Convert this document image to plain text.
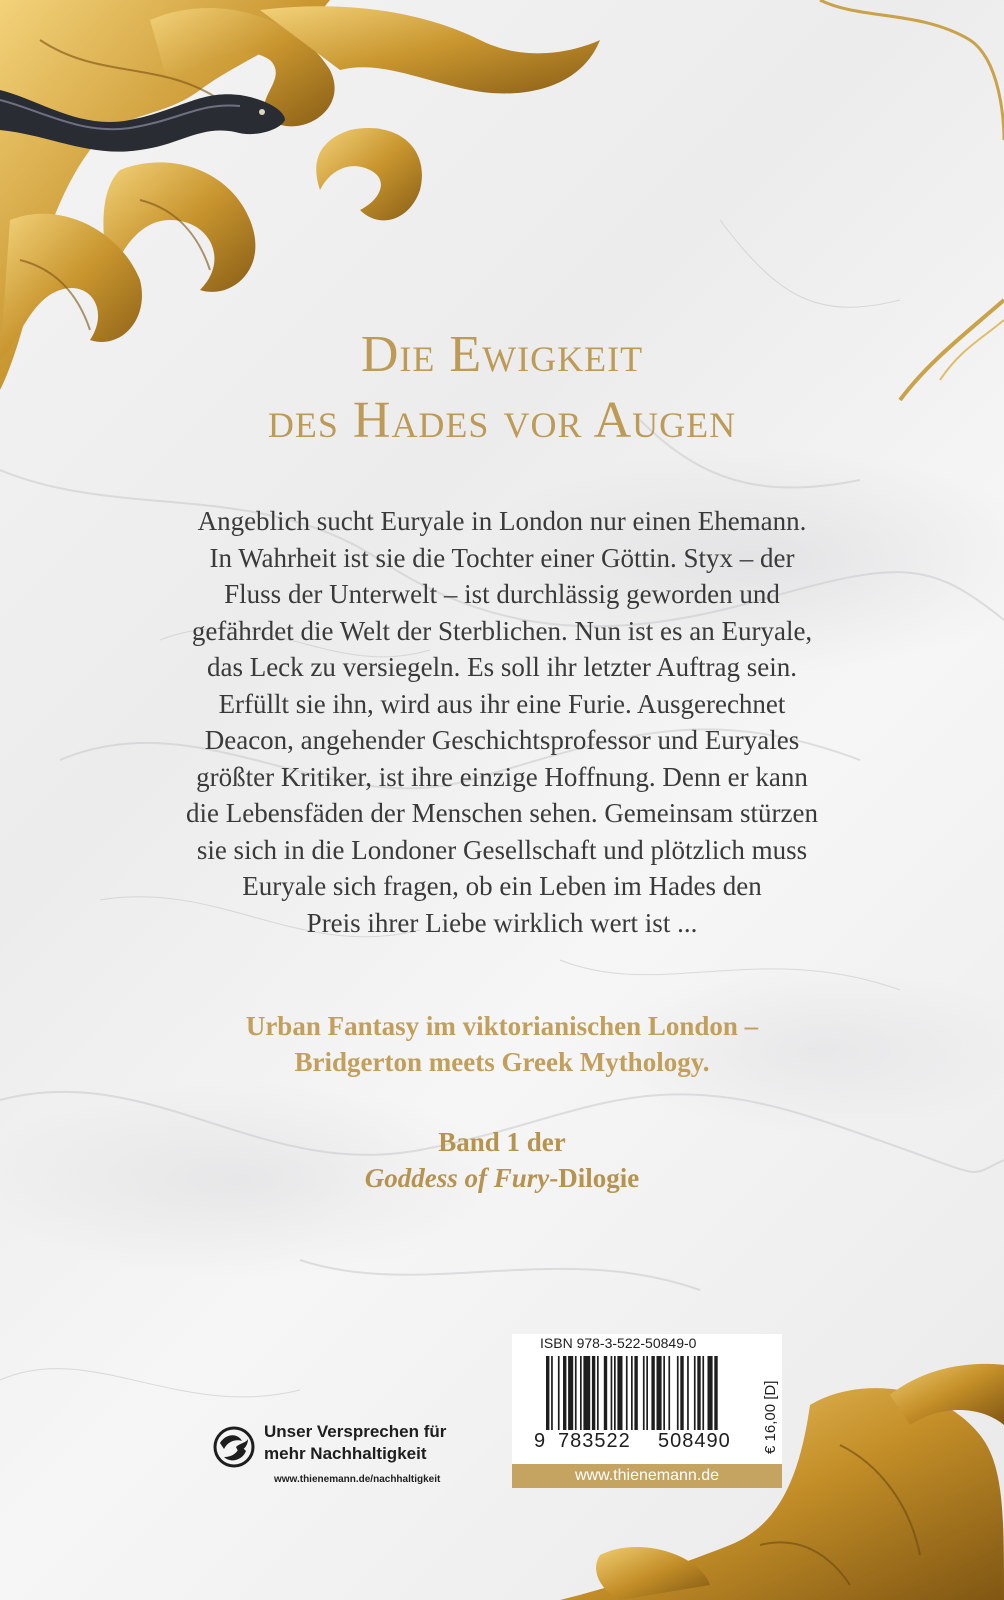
Die Ewigkeit
des Hades vor Augen
Angeblich sucht Euryale in London nur einen Ehemann.
In Wahrheit ist sie die Tochter einer Göttin. Styx – der
Fluss der Unterwelt – ist durchlässig geworden und
gefährdet die Welt der Sterblichen. Nun ist es an Euryale,
das Leck zu versiegeln. Es soll ihr letzter Auftrag sein.
Erfüllt sie ihn, wird aus ihr eine Furie. Ausgerechnet
Deacon, angehender Geschichtsprofessor und Euryales
größter Kritiker, ist ihre einzige Hoffnung. Denn er kann
die Lebensfäden der Menschen sehen. Gemeinsam stürzen
sie sich in die Londoner Gesellschaft und plötzlich muss
Euryale sich fragen, ob ein Leben im Hades den
Preis ihrer Liebe wirklich wert ist ...
Urban Fantasy im viktorianischen London –
Bridgerton meets Greek Mythology.
Band 1 der
Goddess of Fury-Dilogie
Unser Versprechen für
mehr Nachhaltigkeit
www.thienemann.de/nachhaltigkeit
ISBN 978-3-522-50849-0
9 783522 508490 € 16,00 [D]
www.thienemann.de
